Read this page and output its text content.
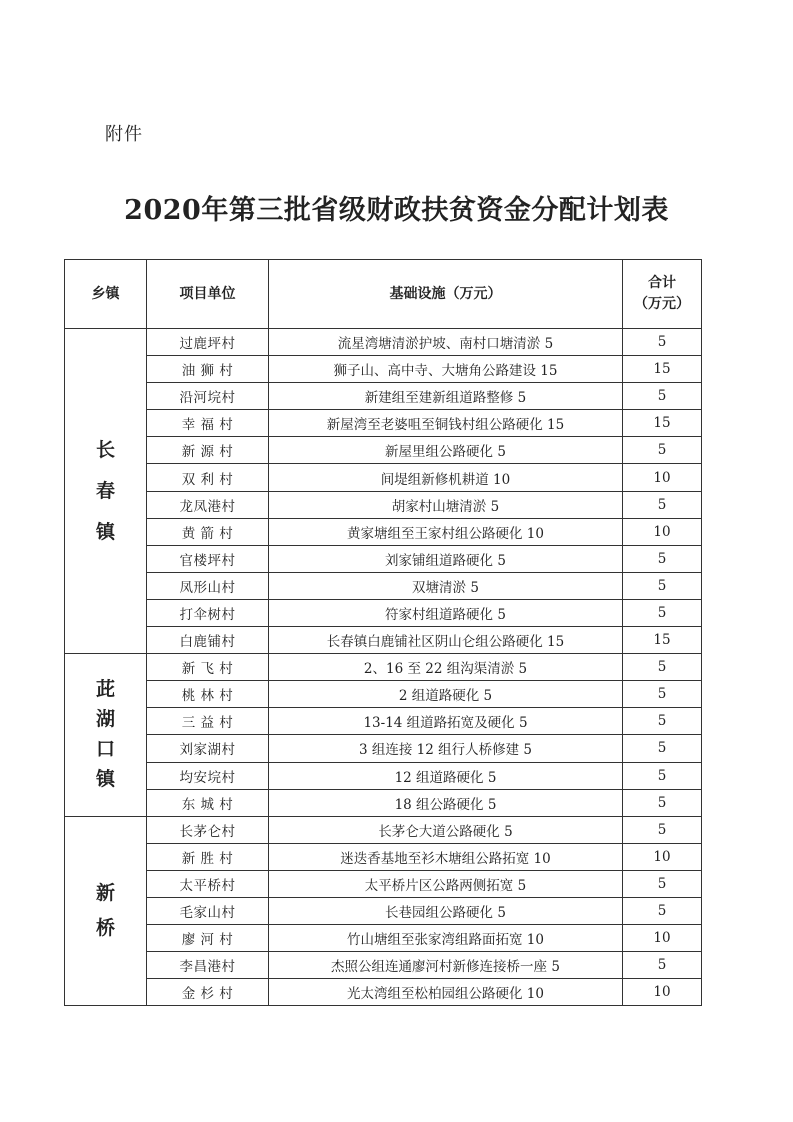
附件
2020年第三批省级财政扶贫资金分配计划表
乡镇	项目单位	基础设施（万元）	合计
（万元）

长
春
镇	过鹿坪村	流星湾塘清淤护坡、南村口塘清淤 5	5
	油 狮 村	狮子山、高中寺、大塘角公路建设 15	15
	沿河垸村	新建组至建新组道路整修 5	5
	幸 福 村	新屋湾至老婆咀至铜钱村组公路硬化 15	15
	新 源 村	新屋里组公路硬化 5	5
	双 利 村	间堤组新修机耕道 10	10
	龙凤港村	胡家村山塘清淤 5	5
	黄 箭 村	黄家塘组至王家村组公路硬化 10	10
	官楼坪村	刘家铺组道路硬化 5	5
	凤形山村	双塘清淤 5	5
	打伞树村	符家村组道路硬化 5	5
	白鹿铺村	长春镇白鹿铺社区阴山仑组公路硬化 15	15

茈
湖
口
镇	新 飞 村	2、16 至 22 组沟渠清淤 5	5
	桃 林 村	2 组道路硬化 5	5
	三 益 村	13-14 组道路拓宽及硬化 5	5
	刘家湖村	3 组连接 12 组行人桥修建 5	5
	均安垸村	12 组道路硬化 5	5
	东 城 村	18 组公路硬化 5	5

新
桥	长茅仑村	长茅仑大道公路硬化 5	5
	新 胜 村	迷迭香基地至衫木塘组公路拓宽 10	10
	太平桥村	太平桥片区公路两侧拓宽 5	5
	毛家山村	长巷园组公路硬化 5	5
	廖 河 村	竹山塘组至张家湾组路面拓宽 10	10
	李昌港村	杰照公组连通廖河村新修连接桥一座 5	5
	金 杉 村	光太湾组至松柏园组公路硬化 10	10
